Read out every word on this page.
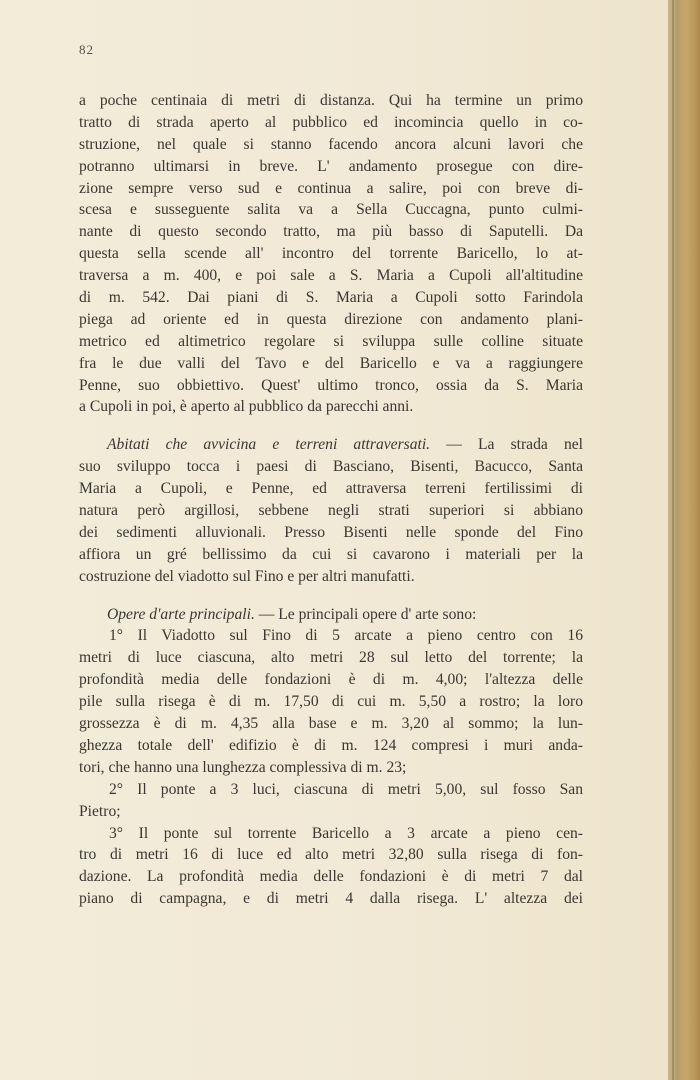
82
a poche centinaia di metri di distanza. Qui ha termine un primo
tratto di strada aperto al pubblico ed incomincia quello in co-
struzione, nel quale si stanno facendo ancora alcuni lavori che
potranno ultimarsi in breve. L' andamento prosegue con dire-
zione sempre verso sud e continua a salire, poi con breve di-
scesa e susseguente salita va a Sella Cuccagna, punto culmi-
nante di questo secondo tratto, ma più basso di Saputelli. Da
questa sella scende all' incontro del torrente Baricello, lo at-
traversa a m. 400, e poi sale a S. Maria a Cupoli all'altitudine
di m. 542. Dai piani di S. Maria a Cupoli sotto Farindola
piega ad oriente ed in questa direzione con andamento plani-
metrico ed altimetrico regolare si sviluppa sulle colline situate
fra le due valli del Tavo e del Baricello e va a raggiungere
Penne, suo obbiettivo. Quest' ultimo tronco, ossia da S. Maria
a Cupoli in poi, è aperto al pubblico da parecchi anni.
Abitati che avvicina e terreni attraversati. — La strada nel
suo sviluppo tocca i paesi di Basciano, Bisenti, Bacucco, Santa
Maria a Cupoli, e Penne, ed attraversa terreni fertilissimi di
natura però argillosi, sebbene negli strati superiori si abbiano
dei sedimenti alluvionali. Presso Bisenti nelle sponde del Fino
affiora un gré bellissimo da cui si cavarono i materiali per la
costruzione del viadotto sul Fino e per altri manufatti.
Opere d'arte principali. — Le principali opere d' arte sono:
1° Il Viadotto sul Fino di 5 arcate a pieno centro con 16
metri di luce ciascuna, alto metri 28 sul letto del torrente; la
profondità media delle fondazioni è di m. 4,00; l'altezza delle
pile sulla risega è di m. 17,50 di cui m. 5,50 a rostro; la loro
grossezza è di m. 4,35 alla base e m. 3,20 al sommo; la lun-
ghezza totale dell' edifizio è di m. 124 compresi i muri anda-
tori, che hanno una lunghezza complessiva di m. 23;
2° Il ponte a 3 luci, ciascuna di metri 5,00, sul fosso San
Pietro;
3° Il ponte sul torrente Baricello a 3 arcate a pieno cen-
tro di metri 16 di luce ed alto metri 32,80 sulla risega di fon-
dazione. La profondità media delle fondazioni è di metri 7 dal
piano di campagna, e di metri 4 dalla risega. L' altezza dei
